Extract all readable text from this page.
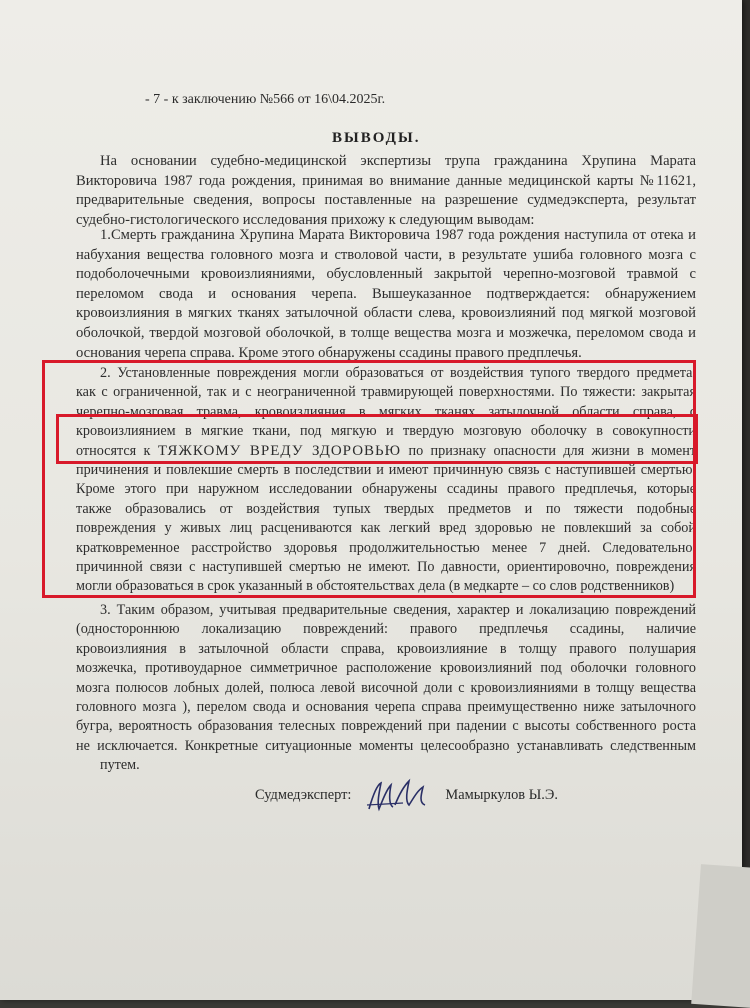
- 7 - к заключению №566 от 16\04.2025г.
ВЫВОДЫ.
На основании судебно-медицинской экспертизы трупа гражданина Хрупина Марата
Викторовича 1987 года рождения, принимая во внимание данные медицинской карты №11621,
предварительные сведения, вопросы поставленные на разрешение судмедэксперта, результат
судебно-гистологического исследования прихожу к следующим выводам:
1.Смерть гражданина Хрупина Марата Викторовича 1987 года рождения наступила от отека и
набухания вещества головного мозга и стволовой части, в результате ушиба головного мозга с
подоболочечными кровоизлияниями, обусловленный закрытой черепно-мозговой травмой с
переломом свода и основания черепа. Вышеуказанное подтверждается: обнаружением
кровоизлияния в мягких тканях затылочной области слева, кровоизлияний под мягкой мозговой
оболочкой, твердой мозговой оболочкой, в толще вещества мозга и мозжечка, переломом свода и
основания черепа справа. Кроме этого обнаружены ссадины правого предплечья.
2. Установленные повреждения могли образоваться от воздействия тупого твердого предмета,
как с ограниченной, так и с неограниченной травмирующей поверхностями. По тяжести: закрытая
черепно-мозговая травма, кровоизлияния в мягких тканях затылочной области справа, с
кровоизлиянием в мягкие ткани, под мягкую и твердую мозговую оболочку в совокупности
относятся к ТЯЖКОМУ ВРЕДУ ЗДОРОВЬЮ по признаку опасности для жизни в момент
причинения и повлекшие смерть в последствии и имеют причинную связь с наступившей смертью.
Кроме этого при наружном исследовании обнаружены ссадины правого предплечья, которые
также образовались от воздействия тупых твердых предметов и по тяжести подобные
повреждения у живых лиц расцениваются как легкий вред здоровью не повлекший за собой
кратковременное расстройство здоровья продолжительностью менее 7 дней. Следовательно,
причинной связи с наступившей смертью не имеют. По давности, ориентировочно, повреждения
могли образоваться в срок указанный в обстоятельствах дела (в медкарте – со слов родственников)
3. Таким образом, учитывая предварительные сведения, характер и локализацию повреждений
(одностороннюю локализацию повреждений: правого предплечья ссадины, наличие
кровоизлияния в затылочной области справа, кровоизлияние в толщу правого полушария
мозжечка, противоударное симметричное расположение кровоизлияний под оболочки головного
мозга полюсов лобных долей, полюса левой височной доли с кровоизлияниями в толщу вещества
головного мозга ), перелом свода и основания черепа справа преимущественно ниже затылочного
бугра, вероятность образования телесных повреждений при падении с высоты собственного роста
не исключается. Конкретные ситуационные моменты целесообразно устанавливать следственным
путем.
Судмедэксперт:	Мамыркулов Ы.Э.
